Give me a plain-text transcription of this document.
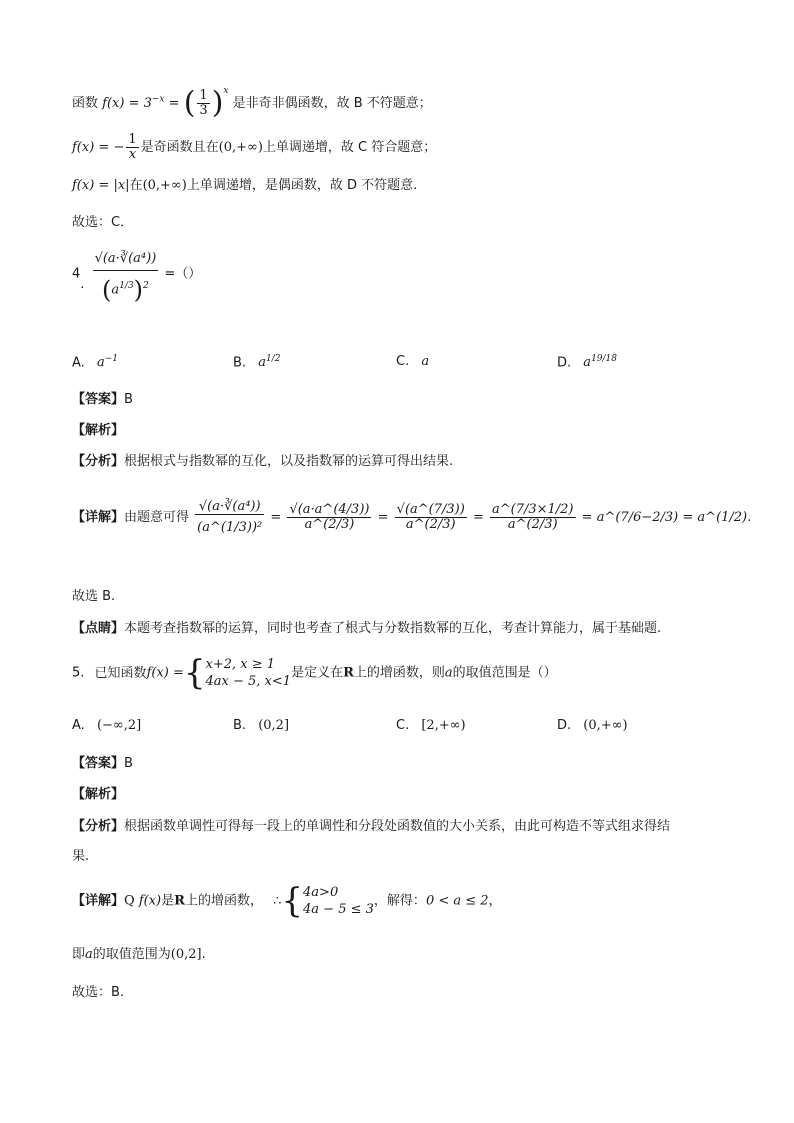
函数 $f(x) = 3^{-x}$ = ( $\frac{1}{3} )^x$ 是非奇非偶函数，故 B 不符题意；
f(x) = − $\frac{1}{x}$ 是奇函数且在(0,+∞)上单调递增，故 C 符合题意；
f(x) = |x|在(0,+∞)上单调递增，是偶函数，故 D 不符题意.
故选：C．
4. $\frac{\text{√(a·∛(a⁴))}}{(a^{1/3})^2}$ =（）
A. $a^{-1}$	B. $a^{1/2}$	C. a	D. $a^{19/18}$
【答案】B
【解析】
【分析】根据根式与指数幂的互化，以及指数幂的运算可得出结果.
【详解】由题意可得 $\frac{\text{√(a·∛(a⁴))}}{\text{(a\textasciicircum{}(1/3))²}} = \frac{√(a\cdot a\^{}(4/3))}{a\^{}(2/3)} = \frac{√(a\^{}(7/3))}{a\^{}(2/3)} = \frac{a\^{}(7/3\times 1/2)}{a\^{}(2/3)}$ = a^(7/6−2/3) = a^(1/2).
故选 B.
【点睛】本题考查指数幂的运算，同时也考查了根式与分数指数幂的互化，考查计算能力，属于基础题.
5. 已知函数f(x) ={ x+2, x ≥ 1
4ax − 5, x<1
是定义在R上的增函数，则a的取值范围是（）
A. (−∞,2]	B. (0,2]	C. [2,+∞)	D. (0,+∞)
【答案】B
【解析】
【分析】根据函数单调性可得每一段上的单调性和分段处函数值的大小关系，由此可构造不等式组求得结
果.
【详解】Q f(x)是R上的增函数， ∴{ 4a>0
4a − 5 ≤ 3
，解得：0 < a ≤ 2，
即a的取值范围为(0,2].
故选：B.
